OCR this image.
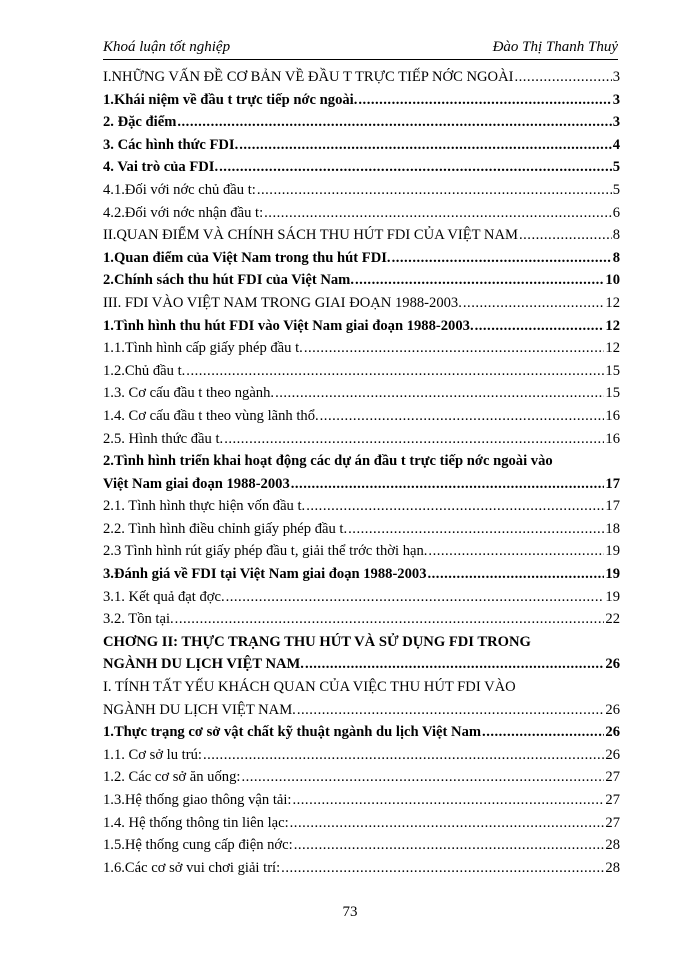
Khoá luận tốt nghiệp	Đào Thị Thanh Thuỷ
I.NHỮNG VẤN ĐỀ CƠ BẢN VỀ ĐẦU T TRỰC TIẾP NỚC NGOÀI .....	3
1.Khái niệm về đầu t trực tiếp nớc ngoài. .....	3
2. Đặc điểm .....	3
3. Các hình thức FDI. .....	4
4. Vai trò của FDI. .....	5
4.1.Đối với nớc chủ đầu t: .....	5
4.2.Đối với nớc nhận đầu t: .....	6
II.QUAN ĐIỂM VÀ CHÍNH SÁCH THU HÚT FDI CỦA VIỆT NAM .....	8
1.Quan điểm của Việt Nam trong thu hút FDI. .....	8
2.Chính sách thu hút FDI của Việt Nam. .....	10
III. FDI VÀO VIỆT NAM TRONG GIAI ĐOẠN 1988-2003. .....	12
1.Tình hình thu hút FDI vào Việt Nam giai đoạn 1988-2003. .....	12
1.1.Tình hình cấp giấy phép đầu t. .....	12
1.2.Chủ đầu t. .....	15
1.3. Cơ cấu đầu t theo ngành. .....	15
1.4. Cơ cấu đầu t theo vùng lãnh thổ. .....	16
2.5. Hình thức đầu t. .....	16
2.Tình hình triển khai hoạt động các dự án đầu t trực tiếp nớc ngoài vào
Việt Nam giai đoạn 1988-2003 .....	17
2.1. Tình hình thực hiện vốn đầu t. .....	17
2.2. Tình hình điều chỉnh giấy phép đầu t. .....	18
2.3 Tình hình rút giấy phép đầu t, giải thể trớc thời hạn. .....	19
3.Đánh giá về FDI tại Việt Nam giai đoạn 1988-2003 .....	19
3.1. Kết quả đạt đợc. .....	19
3.2. Tồn tại. .....	22
CHƠNG II: THỰC TRẠNG THU HÚT VÀ SỬ DỤNG FDI TRONG
NGÀNH DU LỊCH VIỆT NAM. .....	26
I. TÍNH TẤT YẾU KHÁCH QUAN CỦA VIỆC THU HÚT FDI VÀO
NGÀNH DU LỊCH VIỆT NAM. .....	26
1.Thực trạng cơ sở vật chất kỹ thuật ngành du lịch Việt Nam .....	26
1.1. Cơ sở lu trú: .....	26
1.2. Các cơ sở ăn uống: .....	27
1.3.Hệ thống giao thông vận tải: .....	27
1.4. Hệ thống thông tin liên lạc: .....	27
1.5.Hệ thống cung cấp điện nớc: .....	28
1.6.Các cơ sở vui chơi giải trí: .....	28
73
